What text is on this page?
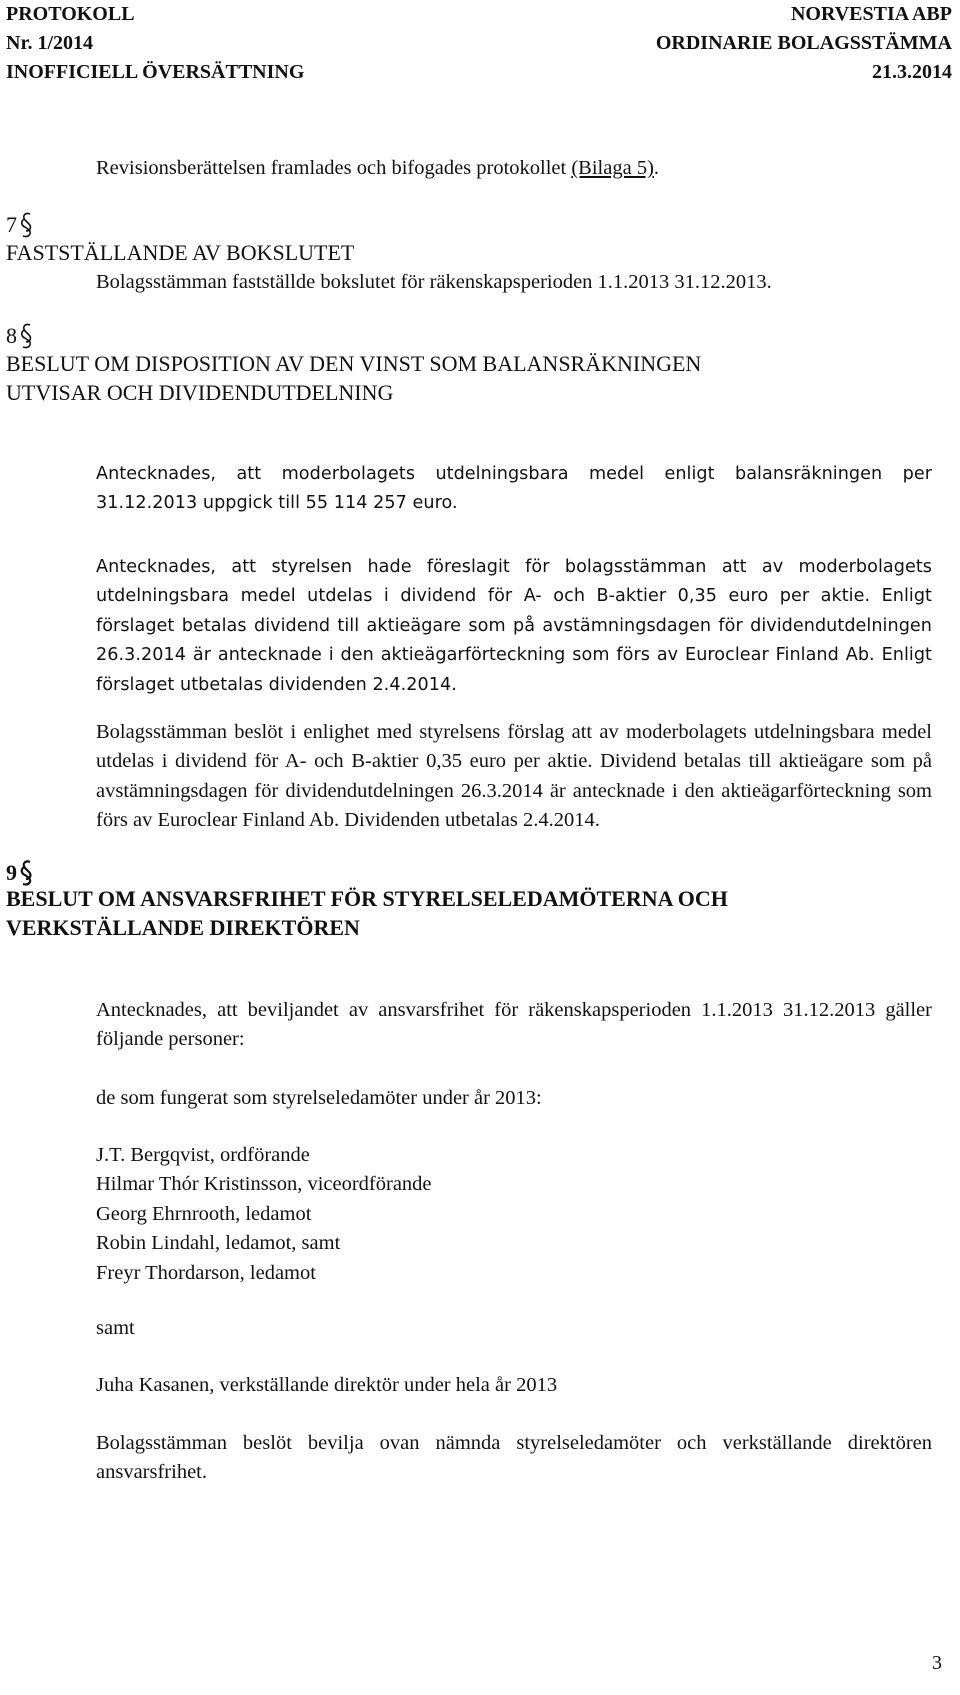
PROTOKOLL	NORVESTIA ABP
Nr. 1/2014	ORDINARIE BOLAGSSTÄMMA
INOFFICIELL ÖVERSÄTTNING	21.3.2014

Revisionsberättelsen framlades och bifogades protokollet (Bilaga 5).

7
FASTSTÄLLANDE AV BOKSLUTET

Bolagsstämman fastställde bokslutet för räkenskapsperioden 1.1.2013 31.12.2013.

8
BESLUT OM DISPOSITION AV DEN VINST SOM BALANSRÄKNINGEN
UTVISAR OCH DIVIDENDUTDELNING

Antecknades, att moderbolagets utdelningsbara medel enligt balansräkningen per 31.12.2013 uppgick till 55 114 257 euro.

Antecknades, att styrelsen hade föreslagit för bolagsstämman att av moderbolagets utdelningsbara medel utdelas i dividend för A- och B-aktier 0,35 euro per aktie. Enligt förslaget betalas dividend till aktieägare som på avstämningsdagen för dividendutdelningen 26.3.2014 är antecknade i den aktieägarförteckning som förs av Euroclear Finland Ab. Enligt förslaget utbetalas dividenden 2.4.2014.

Bolagsstämman beslöt i enlighet med styrelsens förslag att av moderbolagets utdelningsbara medel utdelas i dividend för A- och B-aktier 0,35 euro per aktie. Dividend betalas till aktieägare som på avstämningsdagen för dividendutdelningen 26.3.2014 är antecknade i den aktieägarförteckning som förs av Euroclear Finland Ab. Dividenden utbetalas 2.4.2014.

9
BESLUT OM ANSVARSFRIHET FÖR STYRELSELEDAMÖTERNA OCH
VERKSTÄLLANDE DIREKTÖREN

Antecknades, att beviljandet av ansvarsfrihet för räkenskapsperioden 1.1.2013 31.12.2013 gäller följande personer:

de som fungerat som styrelseledamöter under år 2013:

J.T. Bergqvist, ordförande
Hilmar Thór Kristinsson, viceordförande
Georg Ehrnrooth, ledamot
Robin Lindahl, ledamot, samt
Freyr Thordarson, ledamot

samt

Juha Kasanen, verkställande direktör under hela år 2013

Bolagsstämman beslöt bevilja ovan nämnda styrelseledamöter och verkställande direktören ansvarsfrihet.

3
